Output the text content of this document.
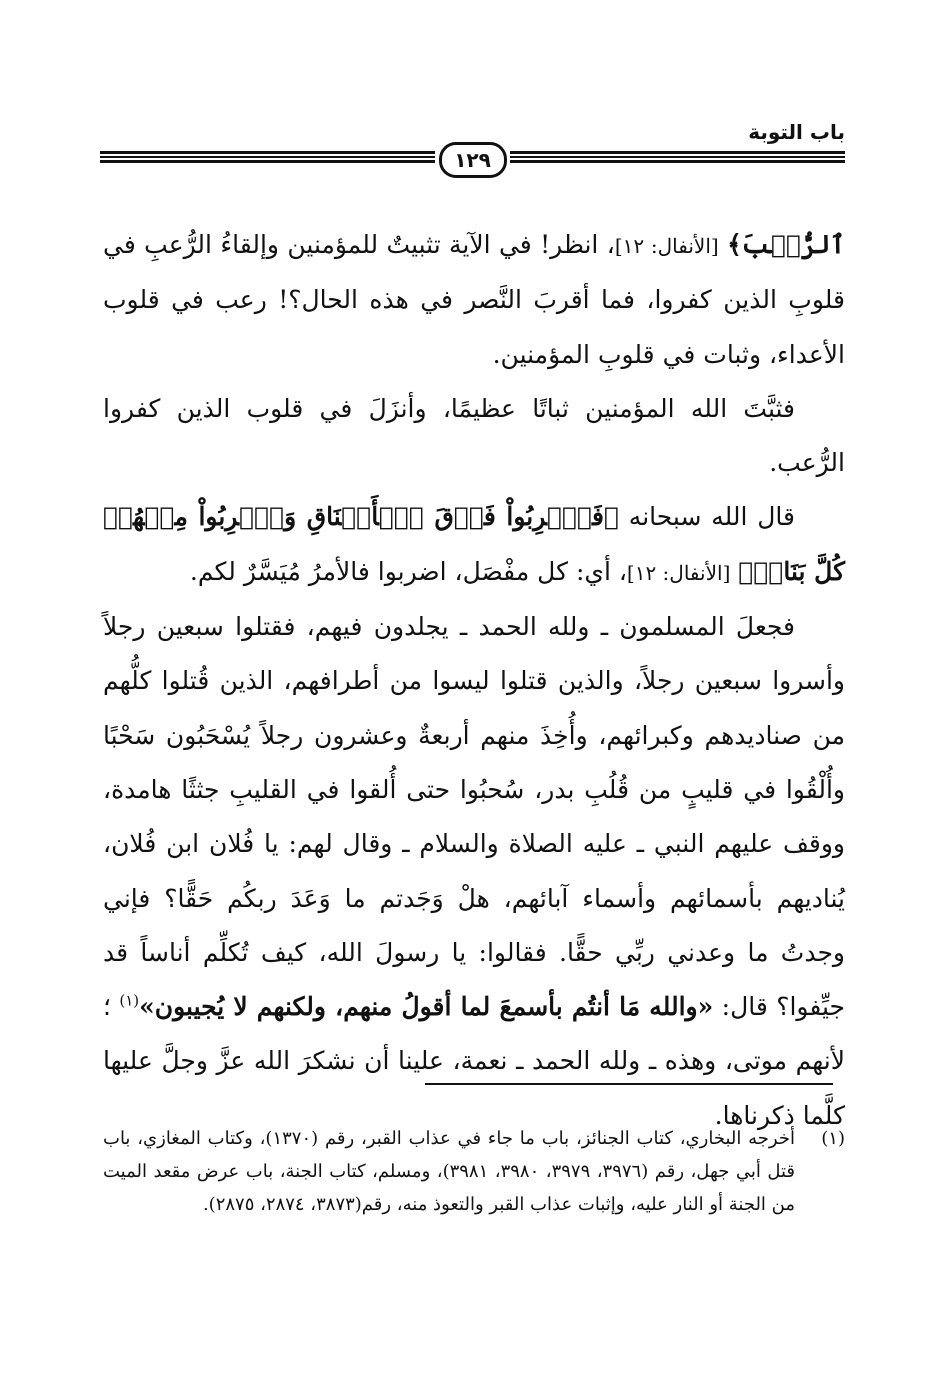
باب التوبة
١٢٩

ٱلرُّعۡبَ﴾ [الأنفال: ١٢]، انظر! في الآية تثبيتٌ للمؤمنين وإلقاءُ الرُّعبِ في قلوبِ الذين كفروا، فما أقربَ النَّصر في هذه الحال؟! رعب في قلوب الأعداء، وثبات في قلوبِ المؤمنين.

فثبَّتَ الله المؤمنين ثباتًا عظيمًا، وأنزَلَ في قلوب الذين كفروا الرُّعب.

قال الله سبحانه ﴿فَٱضۡرِبُواْ فَوۡقَ ٱلۡأَعۡنَاقِ وَٱضۡرِبُواْ مِنۡهُمۡ كُلَّ بَنَانٖ﴾ [الأنفال: ١٢]، أي: كل مفْصَل، اضربوا فالأمرُ مُيَسَّرٌ لكم.

فجعلَ المسلمون ـ ولله الحمد ـ يجلدون فيهم، فقتلوا سبعين رجلاً وأسروا سبعين رجلاً، والذين قتلوا ليسوا من أطرافهم، الذين قُتلوا كلُّهم من صناديدهم وكبرائهم، وأُخِذَ منهم أربعةٌ وعشرون رجلاً يُسْحَبُون سَحْبًا وأُلْقُوا في قليبٍ من قُلُبِ بدر، سُحبُوا حتى أُلقوا في القليبِ جثثًا هامدة، ووقف عليهم النبي ـ عليه الصلاة والسلام ـ وقال لهم: يا فُلان ابن فُلان، يُناديهم بأسمائهم وأسماء آبائهم، هلْ وَجَدتم ما وَعَدَ ربكُم حَقًّا؟ فإني وجدتُ ما وعدني ربِّي حقًّا. فقالوا: يا رسولَ الله، كيف تُكلِّم أناساً قد جيِّفوا؟ قال: «والله مَا أنتُم بأسمعَ لما أقولُ منهم، ولكنهم لا يُجيبون»$^{(١)}$ ؛ لأنهم موتى، وهذه ـ ولله الحمد ـ نعمة، علينا أن نشكرَ الله عزَّ وجلَّ عليها كلَّما ذكرناها.

(١)
أخرجه البخاري، كتاب الجنائز، باب ما جاء في عذاب القبر، رقم (١٣٧٠)، وكتاب المغازي، باب قتل أبي جهل، رقم (٣٩٧٦، ٣٩٧٩، ٣٩٨٠، ٣٩٨١)، ومسلم، كتاب الجنة، باب عرض مقعد الميت من الجنة أو النار عليه، وإثبات عذاب القبر والتعوذ منه، رقم(٣٨٧٣، ٢٨٧٤، ٢٨٧٥).
